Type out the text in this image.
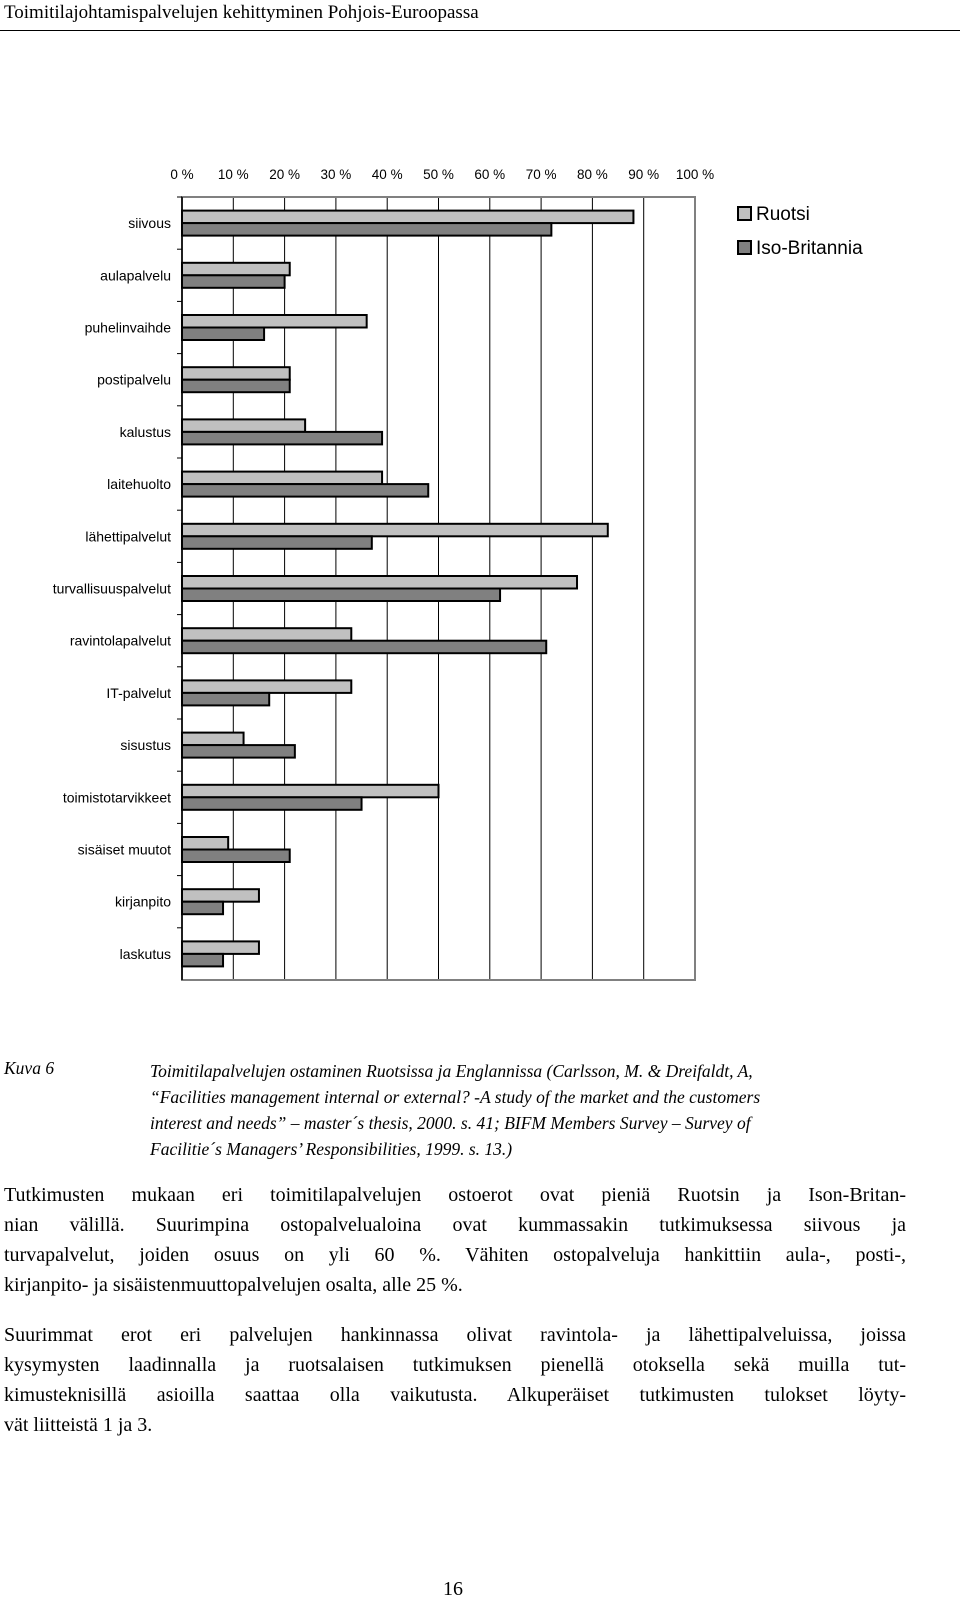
Toimitilajohtamispalvelujen kehittyminen Pohjois-Euroopassa
0 % 10 % 20 % 30 % 40 % 50 % 60 % 70 % 80 % 90 % 100 %
siivous
aulapalvelu
puhelinvaihde
postipalvelu
kalustus
laitehuolto
lähettipalvelut
turvallisuuspalvelut
ravintolapalvelut
IT-palvelut
sisustus
toimistotarvikkeet
sisäiset muutot
kirjanpito
laskutus
Ruotsi
Iso-Britannia
Kuva 6	Toimitilapalvelujen ostaminen Ruotsissa ja Englannissa (Carlsson, M. & Dreifaldt, A,
“Facilities management internal or external? -A study of the market and the customers
interest and needs” – master´s thesis, 2000. s. 41; BIFM Members Survey – Survey of
Facilitie´s Managers’ Responsibilities, 1999. s. 13.)
Tutkimusten mukaan eri toimitilapalvelujen ostoerot ovat pieniä Ruotsin ja Ison-Britan-
nian välillä. Suurimpina ostopalvelualoina ovat kummassakin tutkimuksessa siivous ja
turvapalvelut, joiden osuus on yli 60 %. Vähiten ostopalveluja hankittiin aula-, posti-,
kirjanpito- ja sisäistenmuuttopalvelujen osalta, alle 25 %.
Suurimmat erot eri palvelujen hankinnassa olivat ravintola- ja lähettipalveluissa, joissa
kysymysten laadinnalla ja ruotsalaisen tutkimuksen pienellä otoksella sekä muilla tut-
kimusteknisillä asioilla saattaa olla vaikutusta. Alkuperäiset tutkimusten tulokset löyty-
vät liitteistä 1 ja 3.
16
